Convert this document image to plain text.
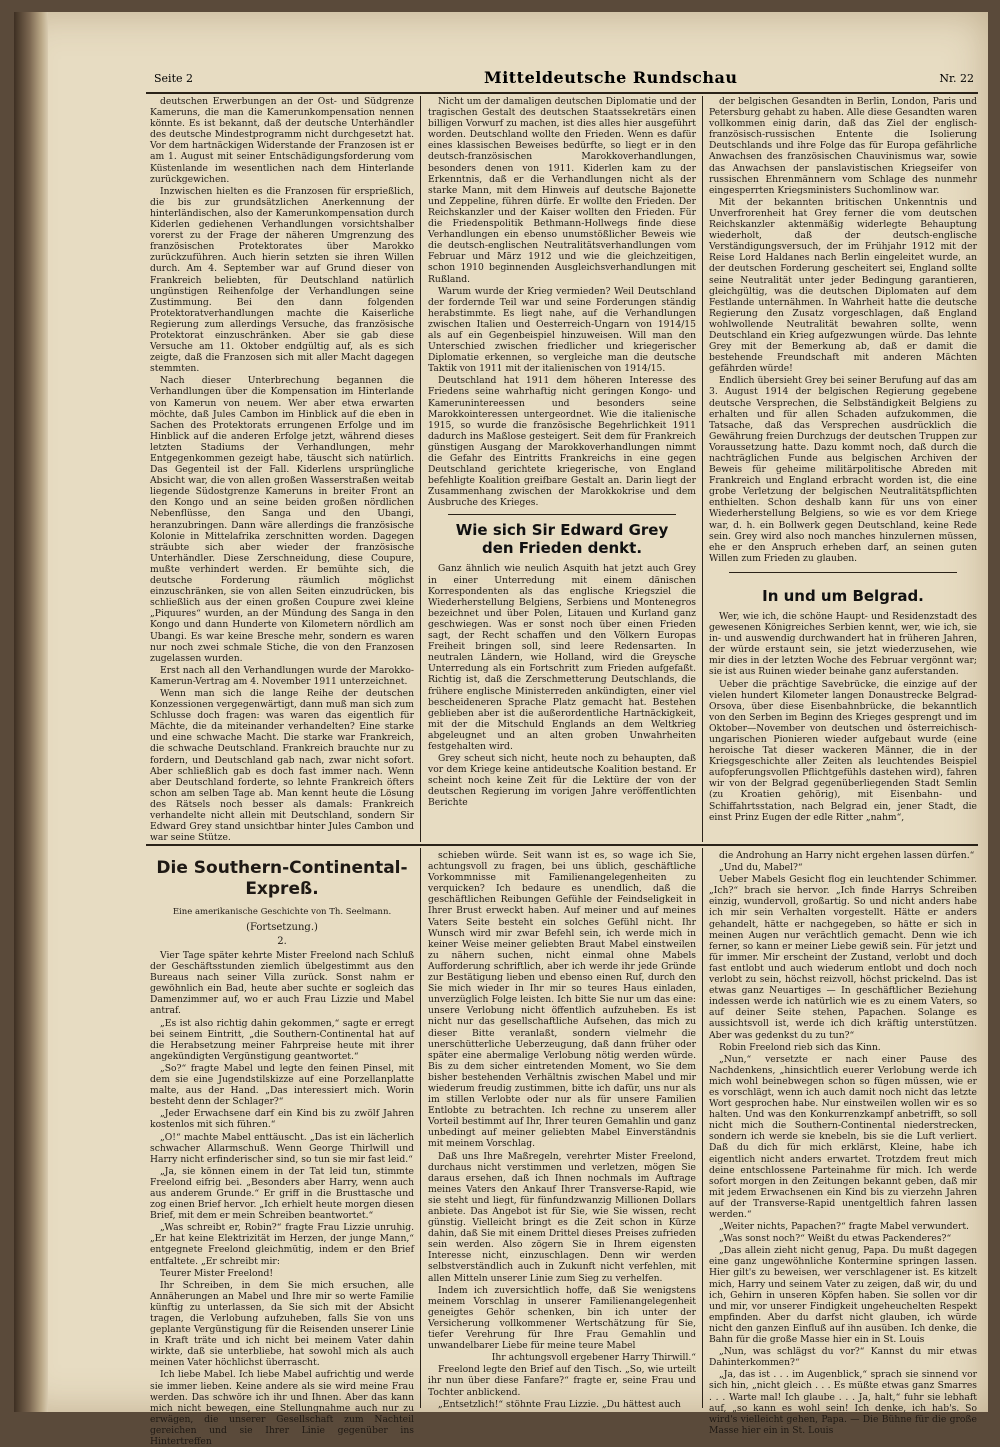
Seite 2	Mitteldeutsche Rundschau	Nr. 22

deutschen Erwerbungen an der Ost- und Südgrenze Kameruns, die man die Kamerunkompensation nennen könnte. Es ist bekannt, daß der deutsche Unterhändler des deutsche Mindestprogramm nicht durchgesetzt hat. Vor dem hartnäckigen Widerstande der Franzosen ist er am 1. August mit seiner Entschädigungsforderung vom Küstenlande im wesentlichen nach dem Hinterlande zurückgewichen.

Inzwischen hielten es die Franzosen für ersprießlich, die bis zur grundsätzlichen Anerkennung der hinterländischen, also der Kamerunkompensation durch Kiderlen gediehenen Verhandlungen vorsichtshalber vorerst zu der Frage der näheren Umgrenzung des französischen Protektorates über Marokko zurückzuführen. Auch hierin setzten sie ihren Willen durch. Am 4. September war auf Grund dieser von Frankreich beliebten, für Deutschland natürlich ungünstigen Reihenfolge der Verhandlungen seine Zustimmung. Bei den dann folgenden Protektoratverhandlungen machte die Kaiserliche Regierung zum allerdings Versuche, das französische Protektorat einzuschränken. Aber sie gab diese Versuche am 11. Oktober endgültig auf, als es sich zeigte, daß die Franzosen sich mit aller Macht dagegen stemmten.

Nach dieser Unterbrechung begannen die Verhandlungen über die Kompensation im Hinterlande von Kamerun von neuem. Wer aber etwa erwarten möchte, daß Jules Cambon im Hinblick auf die eben in Sachen des Protektorats errungenen Erfolge und im Hinblick auf die anderen Erfolge jetzt, während dieses letzten Stadiums der Verhandlungen, mehr Entgegenkommen gezeigt habe, täuscht sich natürlich. Das Gegenteil ist der Fall. Kiderlens ursprüngliche Absicht war, die von allen großen Wasserstraßen weitab liegende Südostgrenze Kameruns in breiter Front an den Kongo und an seine beiden großen nördlichen Nebenflüsse, den Sanga und den Ubangi, heranzubringen. Dann wäre allerdings die französische Kolonie in Mittelafrika zerschnitten worden. Dagegen sträubte sich aber wieder der französische Unterhändler. Diese Zerschneidung, diese Coupure, mußte verhindert werden. Er bemühte sich, die deutsche Forderung räumlich möglichst einzuschränken, sie von allen Seiten einzudrücken, bis schließlich aus der einen großen Coupure zwei kleine „Piquures“ wurden, an der Mündung des Sanga in den Kongo und dann Hunderte von Kilometern nördlich am Ubangi. Es war keine Bresche mehr, sondern es waren nur noch zwei schmale Stiche, die von den Franzosen zugelassen wurden.

Erst nach all den Verhandlungen wurde der Marokko-Kamerun-Vertrag am 4. November 1911 unterzeichnet.

Wenn man sich die lange Reihe der deutschen Konzessionen vergegenwärtigt, dann muß man sich zum Schlusse doch fragen: was waren das eigentlich für Mächte, die da miteinander verhandelten? Eine starke und eine schwache Macht. Die starke war Frankreich, die schwache Deutschland. Frankreich brauchte nur zu fordern, und Deutschland gab nach, zwar nicht sofort. Aber schließlich gab es doch fast immer nach. Wenn aber Deutschland forderte, so lehnte Frankreich öfters schon am selben Tage ab. Man kennt heute die Lösung des Rätsels noch besser als damals: Frankreich verhandelte nicht allein mit Deutschland, sondern Sir Edward Grey stand unsichtbar hinter Jules Cambon und war seine Stütze.

Nicht um der damaligen deutschen Diplomatie und der tragischen Gestalt des deutschen Staatssekretärs einen billigen Vorwurf zu machen, ist dies alles hier ausgeführt worden. Deutschland wollte den Frieden. Wenn es dafür eines klassischen Beweises bedürfte, so liegt er in den deutsch-französischen Marokkoverhandlungen, besonders denen von 1911. Kiderlen kam zu der Erkenntnis, daß er die Verhandlungen nicht als der starke Mann, mit dem Hinweis auf deutsche Bajonette und Zeppeline, führen dürfe. Er wollte den Frieden. Der Reichskanzler und der Kaiser wollten den Frieden. Für die Friedenspolitik Bethmann-Hollwegs finde diese Verhandlungen ein ebenso unumstößlicher Beweis wie die deutsch-englischen Neutralitätsverhandlungen vom Februar und März 1912 und wie die gleichzeitigen, schon 1910 beginnenden Ausgleichsverhandlungen mit Rußland.

Warum wurde der Krieg vermieden? Weil Deutschland der fordernde Teil war und seine Forderungen ständig herabstimmte. Es liegt nahe, auf die Verhandlungen zwischen Italien und Oesterreich-Ungarn von 1914/15 als auf ein Gegenbeispiel hinzuweisen. Will man den Unterschied zwischen friedlicher und kriegerischer Diplomatie erkennen, so vergleiche man die deutsche Taktik von 1911 mit der italienischen von 1914/15.

Deutschland hat 1911 dem höheren Interesse des Friedens seine wahrhaftig nicht geringen Kongo- und Kamerunintereessen und besonders seine Marokkointeressen untergeordnet. Wie die italienische 1915, so wurde die französische Begehrlichkeit 1911 dadurch ins Maßlose gesteigert. Seit dem für Frankreich günstigen Ausgang der Marokkoverhandlungen nimmt die Gefahr des Eintritts Frankreichs in eine gegen Deutschland gerichtete kriegerische, von England befehligte Koalition greifbare Gestalt an. Darin liegt der Zusammenhang zwischen der Marokkokrise und dem Ausbruche des Krieges.

Wie sich Sir Edward Grey
den Frieden denkt.

Ganz ähnlich wie neulich Asquith hat jetzt auch Grey in einer Unterredung mit einem dänischen Korrespondenten als das englische Kriegsziel die Wiederherstellung Belgiens, Serbiens und Montenegros bezeichnet und über Polen, Litauen und Kurland ganz geschwiegen. Was er sonst noch über einen Frieden sagt, der Recht schaffen und den Völkern Europas Freiheit bringen soll, sind leere Redensarten. In neutralen Ländern, wie Holland, wird die Greysche Unterredung als ein Fortschritt zum Frieden aufgefaßt. Richtig ist, daß die Zerschmetterung Deutschlands, die frühere englische Ministerreden ankündigten, einer viel bescheideneren Sprache Platz gemacht hat. Bestehen geblieben aber ist die außerordentliche Hartnäckigkeit, mit der die Mitschuld Englands an dem Weltkrieg abgeleugnet und an alten groben Unwahrheiten festgehalten wird.

Grey scheut sich nicht, heute noch zu behaupten, daß vor dem Kriege keine antideutsche Koalition bestand. Er scheint noch keine Zeit für die Lektüre der von der deutschen Regierung im vorigen Jahre veröffentlichten Berichte

der belgischen Gesandten in Berlin, London, Paris und Petersburg gehabt zu haben. Alle diese Gesandten waren vollkommen einig darin, daß das Ziel der englisch-französisch-russischen Entente die Isolierung Deutschlands und ihre Folge das für Europa gefährliche Anwachsen des französischen Chauvinismus war, sowie das Anwachsen der panslavistischen Kriegseifer von russischen Ehrenmännern vom Schlage des nunmehr eingesperrten Kriegsministers Suchomlinow war.

Mit der bekannten britischen Unkenntnis und Unverfrorenheit hat Grey ferner die vom deutschen Reichskanzler aktenmäßig widerlegte Behauptung wiederholt, daß der deutsch-englische Verständigungsversuch, der im Frühjahr 1912 mit der Reise Lord Haldanes nach Berlin eingeleitet wurde, an der deutschen Forderung gescheitert sei, England sollte seine Neutralität unter jeder Bedingung garantieren, gleichgültig, was die deutschen Diplomaten auf dem Festlande unternähmen. In Wahrheit hatte die deutsche Regierung den Zusatz vorgeschlagen, daß England wohlwollende Neutralität bewahren sollte, wenn Deutschland ein Krieg aufgezwungen würde. Das lehnte Grey mit der Bemerkung ab, daß er damit die bestehende Freundschaft mit anderen Mächten gefährden würde!

Endlich übersieht Grey bei seiner Berufung auf das am 3. August 1914 der belgischen Regierung gegebene deutsche Versprechen, die Selbständigkeit Belgiens zu erhalten und für allen Schaden aufzukommen, die Tatsache, daß das Versprechen ausdrücklich die Gewährung freien Durchzugs der deutschen Truppen zur Voraussetzung hatte. Dazu kommt noch, daß durch die nachträglichen Funde aus belgischen Archiven der Beweis für geheime militärpolitische Abreden mit Frankreich und England erbracht worden ist, die eine grobe Verletzung der belgischen Neutralitätspflichten enthielten. Schon deshalb kann für uns von einer Wiederherstellung Belgiens, so wie es vor dem Kriege war, d. h. ein Bollwerk gegen Deutschland, keine Rede sein. Grey wird also noch manches hinzulernen müssen, ehe er den Anspruch erheben darf, an seinen guten Willen zum Frieden zu glauben.

In und um Belgrad.

Wer, wie ich, die schöne Haupt- und Residenzstadt des gewesenen Königreiches Serbien kennt, wer, wie ich, sie in- und auswendig durchwandert hat in früheren Jahren, der würde erstaunt sein, sie jetzt wiederzusehen, wie mir dies in der letzten Woche des Februar vergönnt war; sie ist aus Ruinen wieder beinahe ganz auferstanden.

Ueber die prächtige Savebrücke, die einzige auf der vielen hundert Kilometer langen Donaustrecke Belgrad-Orsova, über diese Eisenbahnbrücke, die bekanntlich von den Serben im Beginn des Krieges gesprengt und im Oktober—November von deutschen und österreichisch-ungarischen Pionieren wieder aufgebaut wurde (eine heroische Tat dieser wackeren Männer, die in der Kriegsgeschichte aller Zeiten als leuchtendes Beispiel aufopferungsvollen Pflichtgefühls dastehen wird), fahren wir von der Belgrad gegenüberliegenden Stadt Semlin (zu Kroatien gehörig), mit Eisenbahn- und Schiffahrtsstation, nach Belgrad ein, jener Stadt, die einst Prinz Eugen der edle Ritter „nahm“,

Die Southern-Continental-
Expreß.
Eine amerikanische Geschichte von Th. Seelmann.
(Fortsetzung.)
2.

Vier Tage später kehrte Mister Freelond nach Schluß der Geschäftsstunden ziemlich übelgestimmt aus den Bureaus nach seiner Villa zurück. Sonst nahm er gewöhnlich ein Bad, heute aber suchte er sogleich das Damenzimmer auf, wo er auch Frau Lizzie und Mabel antraf.

„Es ist also richtig dahin gekommen,“ sagte er erregt bei seinem Eintritt, „die Southern-Continental hat auf die Herabsetzung meiner Fahrpreise heute mit ihrer angekündigten Vergünstigung geantwortet.“

„So?“ fragte Mabel und legte den feinen Pinsel, mit dem sie eine Jugendstilskizze auf eine Porzellanplatte malte, aus der Hand. „Das interessiert mich. Worin besteht denn der Schlager?“

„Jeder Erwachsene darf ein Kind bis zu zwölf Jahren kostenlos mit sich führen.“

„O!“ machte Mabel enttäuscht. „Das ist ein lächerlich schwacher Allarmschuß. Wenn George Thirlwill und Harry nicht erfinderischer sind, so tun sie mir fast leid.“

„Ja, sie können einem in der Tat leid tun, stimmte Freelond eifrig bei. „Besonders aber Harry, wenn auch aus anderem Grunde.“ Er griff in die Brusttasche und zog einen Brief hervor. „Ich erhielt heute morgen diesen Brief, mit dem er mein Schreiben beantwortet.“

„Was schreibt er, Robin?“ fragte Frau Lizzie unruhig. „Er hat keine Elektrizität im Herzen, der junge Mann,“ entgegnete Freelond gleichmütig, indem er den Brief entfaltete. „Er schreibt mir:

Teurer Mister Freelond!

Ihr Schreiben, in dem Sie mich ersuchen, alle Annäherungen an Mabel und Ihre mir so werte Familie künftig zu unterlassen, da Sie sich mit der Absicht tragen, die Verlobung aufzuheben, falls Sie von uns geplante Vergünstigung für die Reisenden unserer Linie in Kraft träte und ich nicht bei meinem Vater dahin wirkte, daß sie unterbliebe, hat sowohl mich als auch meinen Vater höchlichst überrascht.

Ich liebe Mabel. Ich liebe Mabel aufrichtig und werde sie immer lieben. Keine andere als sie wird meine Frau werden. Das schwöre ich ihr und Ihnen. Aber das kann mich nicht bewegen, eine Stellungnahme auch nur zu erwägen, die unserer Gesellschaft zum Nachteil gereichen und sie Ihrer Linie gegenüber ins Hintertreffen

schieben würde. Seit wann ist es, so wage ich Sie, achtungsvoll zu fragen, bei uns üblich, geschäftliche Vorkommnisse mit Familienangelegenheiten zu verquicken? Ich bedaure es unendlich, daß die geschäftlichen Reibungen Gefühle der Feindseligkeit in Ihrer Brust erweckt haben. Auf meiner und auf meines Vaters Seite besteht ein solches Gefühl nicht. Ihr Wunsch wird mir zwar Befehl sein, ich werde mich in keiner Weise meiner geliebten Braut Mabel einstweilen zu nähern suchen, nicht einmal ohne Mabels Aufforderung schriftlich, aber ich werde ihr jede Gründe zur Bestätigung lieben und ebenso einen Ruf, durch den Sie mich wieder in Ihr mir so teures Haus einladen, unverzüglich Folge leisten. Ich bitte Sie nur um das eine: unsere Verlobung nicht öffentlich aufzuheben. Es ist nicht nur das gesellschaftliche Aufsehen, das mich zu dieser Bitte veranlaßt, sondern vielmehr die unerschütterliche Ueberzeugung, daß dann früher oder später eine abermalige Verlobung nötig werden würde. Bis zu dem sicher eintretenden Moment, wo Sie dem bisher bestehenden Verhältnis zwischen Mabel und mir wiederum freudig zustimmen, bitte ich dafür, uns nur als im stillen Verlobte oder nur als für unsere Familien Entlobte zu betrachten. Ich rechne zu unserem aller Vorteil bestimmt auf Ihr, Ihrer teuren Gemahlin und ganz unbedingt auf meiner geliebten Mabel Einverständnis mit meinem Vorschlag.

Daß uns Ihre Maßregeln, verehrter Mister Freelond, durchaus nicht verstimmen und verletzen, mögen Sie daraus ersehen, daß ich Ihnen nochmals im Auftrage meines Vaters den Ankauf Ihrer Transverse-Rapid, wie sie steht und liegt, für fünfundzwanzig Millionen Dollars anbiete. Das Angebot ist für Sie, wie Sie wissen, recht günstig. Vielleicht bringt es die Zeit schon in Kürze dahin, daß Sie mit einem Drittel dieses Preises zufrieden sein werden. Also zögern Sie in Ihrem eigensten Interesse nicht, einzuschlagen. Denn wir werden selbstverständlich auch in Zukunft nicht verfehlen, mit allen Mitteln unserer Linie zum Sieg zu verhelfen.

Indem ich zuversichtlich hoffe, daß Sie wenigstens meinem Vorschlag in unserer Familienangelegenheit geneigtes Gehör schenken, bin ich unter der Versicherung vollkommener Wertschätzung für Sie, tiefer Verehrung für Ihre Frau Gemahlin und unwandelbarer Liebe für meine teure Mabel

Ihr achtungsvoll ergebener Harry Thirwill.“

Freelond legte den Brief auf den Tisch. „So, wie urteilt ihr nun über diese Fanfare?“ fragte er, seine Frau und Tochter anblickend.

„Entsetzlich!“ stöhnte Frau Lizzie. „Du hättest auch

die Androhung an Harry nicht ergehen lassen dürfen.“

„Und du, Mabel?“

Ueber Mabels Gesicht flog ein leuchtender Schimmer. „Ich?“ brach sie hervor. „Ich finde Harrys Schreiben einzig, wundervoll, großartig. So und nicht anders habe ich mir sein Verhalten vorgestellt. Hätte er anders gehandelt, hätte er nachgegeben, so hätte er sich in meinen Augen nur verächtlich gemacht. Denn wie ich ferner, so kann er meiner Liebe gewiß sein. Für jetzt und für immer. Mir erscheint der Zustand, verlobt und doch fast entlobt und auch wiederum entlobt und doch noch verlobt zu sein, höchst reizvoll, höchst prickelnd. Das ist etwas ganz Neuartiges — In geschäftlicher Beziehung indessen werde ich natürlich wie es zu einem Vaters, so auf deiner Seite stehen, Papachen. Solange es aussichtsvoll ist, werde ich dich kräftig unterstützen. Aber was gedenkst du zu tun?“

Robin Freelond rieb sich das Kinn.

„Nun,“ versetzte er nach einer Pause des Nachdenkens, „hinsichtlich euerer Verlobung werde ich mich wohl beinebwegen schon so fügen müssen, wie er es vorschlägt, wenn ich auch damit noch nicht das letzte Wort gesprochen habe. Nur einstweilen wollen wir es so halten. Und was den Konkurrenzkampf anbetrifft, so soll nicht mich die Southern-Continental niederstrecken, sondern ich werde sie knebeln, bis sie die Luft verliert. Daß du dich für mich erklärst, Kleine, habe ich eigentlich nicht anders erwartet. Trotzdem freut mich deine entschlossene Parteinahme für mich. Ich werde sofort morgen in den Zeitungen bekannt geben, daß mir mit jedem Erwachsenen ein Kind bis zu vierzehn Jahren auf der Transverse-Rapid unentgeltlich fahren lassen werden.“

„Weiter nichts, Papachen?“ fragte Mabel verwundert.

„Was sonst noch?“ Weißt du etwas Packenderes?“

„Das allein zieht nicht genug, Papa. Du mußt dagegen eine ganz ungewöhnliche Kontermine springen lassen. Hier gilt's zu beweisen, wer verschlagener ist. Es kitzelt mich, Harry und seinem Vater zu zeigen, daß wir, du und ich, Gehirn in unseren Köpfen haben. Sie sollen vor dir und mir, vor unserer Findigkeit ungeheuchelten Respekt empfinden. Aber du darfst nicht glauben, ich würde nicht den ganzen Einfluß auf ihn ausüben. Ich denke, die Bahn für die große Masse hier ein in St. Louis

„Nun, was schlägst du vor?“ Kannst du mir etwas Dahinterkommen?“

„Ja, das ist . . . im Augenblick,“ sprach sie sinnend vor sich hin, „nicht gleich . . . Es müßte etwas ganz Smarres . . . Warte mal! Ich glaube . . . Ja, halt,“ fuhr sie lebhaft auf, „so kann es wohl sein! Ich denke, ich hab's. So wird's vielleicht gehen, Papa. — Die Bühne für die große Masse hier ein in St. Louis
